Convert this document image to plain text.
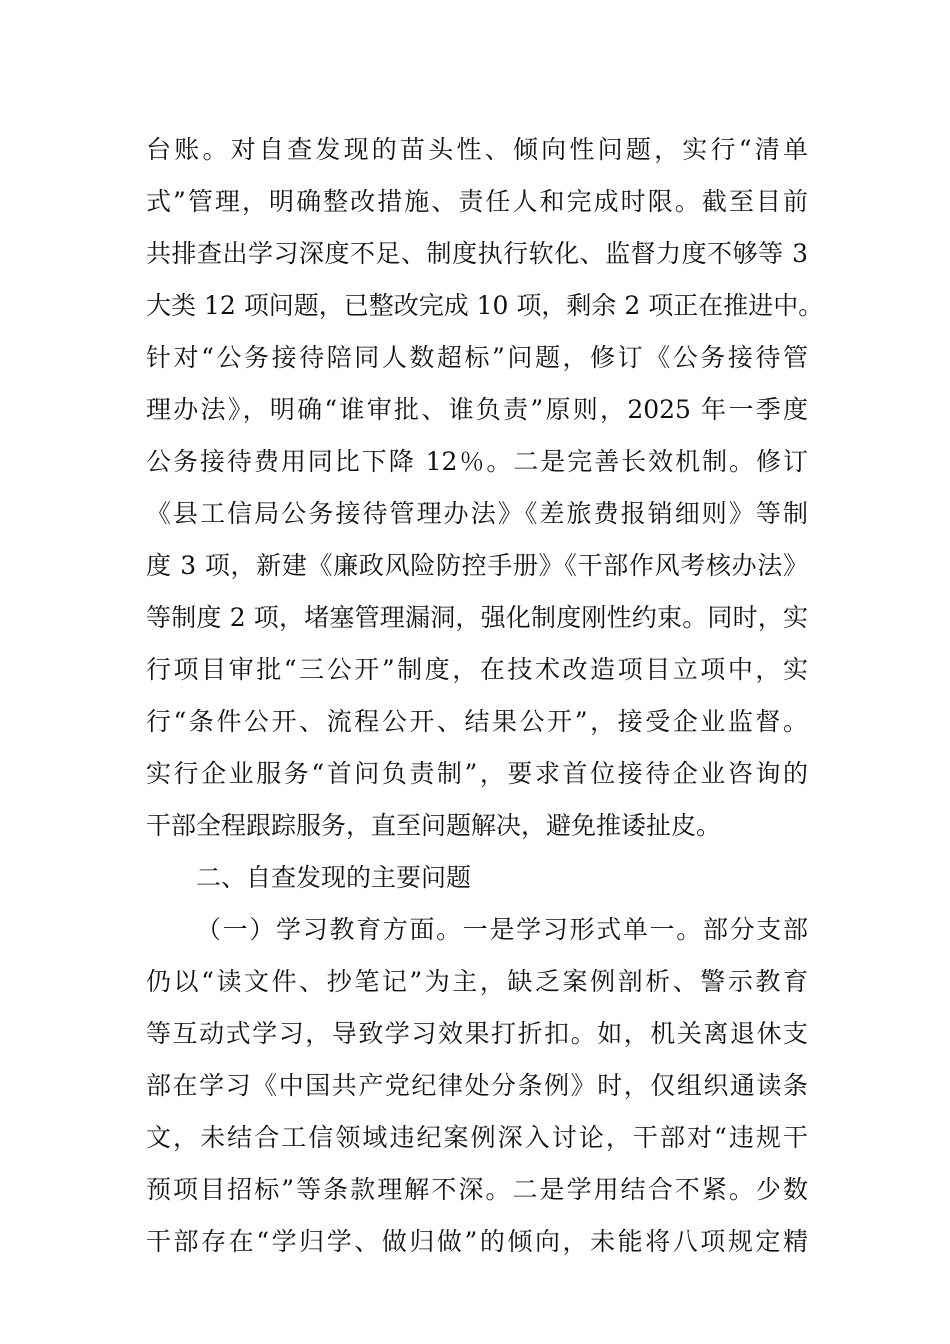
台账。对自查发现的苗头性、倾向性问题，实行“清单
式”管理，明确整改措施、责任人和完成时限。截至目前
共排查出学习深度不足、制度执行软化、监督力度不够等 3
大类 12 项问题，已整改完成 10 项，剩余 2 项正在推进中。
针对“公务接待陪同人数超标”问题，修订《公务接待管
理办法》，明确“谁审批、谁负责”原则，2025 年一季度
公务接待费用同比下降 12％。二是完善长效机制。修订
《县工信局公务接待管理办法》《差旅费报销细则》等制
度 3 项，新建《廉政风险防控手册》《干部作风考核办法》
等制度 2 项，堵塞管理漏洞，强化制度刚性约束。同时，实
行项目审批“三公开”制度，在技术改造项目立项中，实
行“条件公开、流程公开、结果公开”，接受企业监督。
实行企业服务“首问负责制”，要求首位接待企业咨询的
干部全程跟踪服务，直至问题解决，避免推诿扯皮。
二、自查发现的主要问题
（一）学习教育方面。一是学习形式单一。部分支部
仍以“读文件、抄笔记”为主，缺乏案例剖析、警示教育
等互动式学习，导致学习效果打折扣。如，机关离退休支
部在学习《中国共产党纪律处分条例》时，仅组织通读条
文，未结合工信领域违纪案例深入讨论，干部对“违规干
预项目招标”等条款理解不深。二是学用结合不紧。少数
干部存在“学归学、做归做”的倾向，未能将八项规定精
